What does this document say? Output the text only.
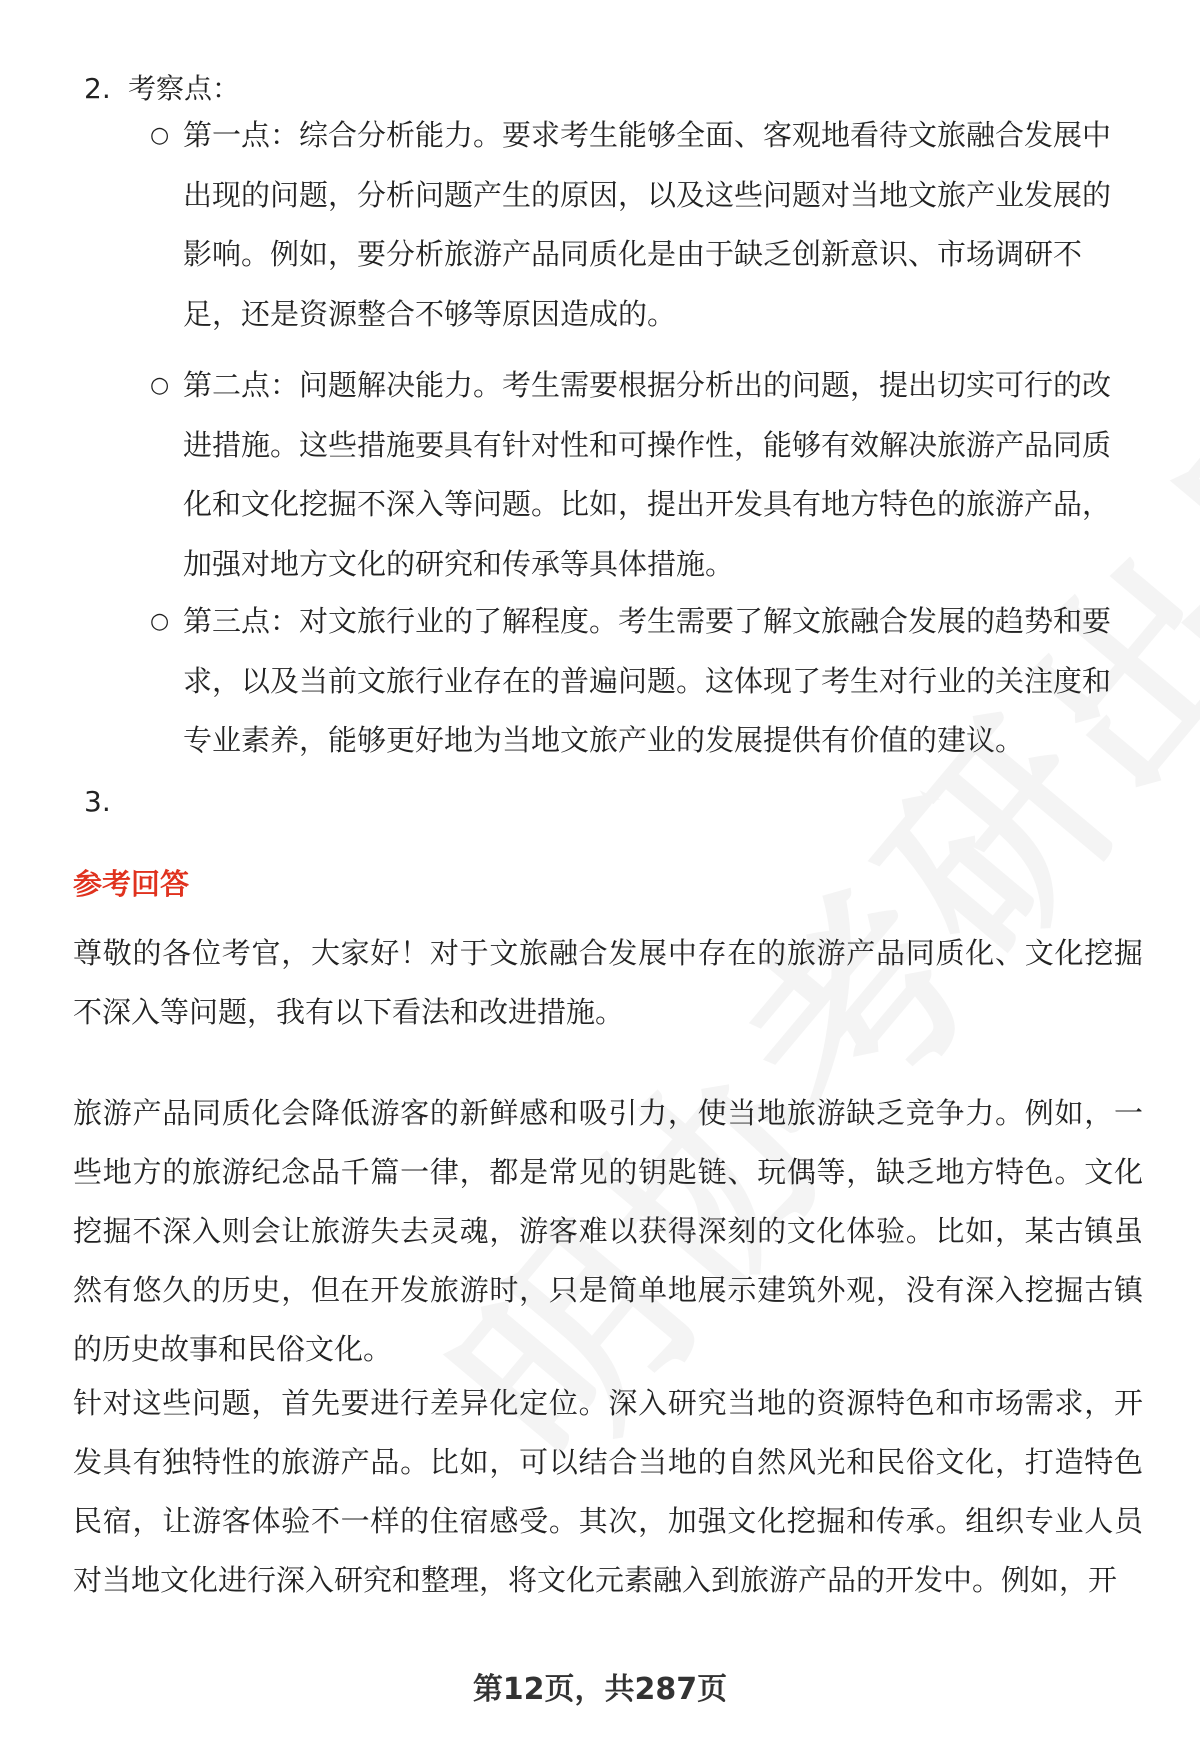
2. 考察点：
○ 第一点：综合分析能力。要求考生能够全面、客观地看待文旅融合发展中出现的问题，分析问题产生的原因，以及这些问题对当地文旅产业发展的影响。例如，要分析旅游产品同质化是由于缺乏创新意识、市场调研不足，还是资源整合不够等原因造成的。
○ 第二点：问题解决能力。考生需要根据分析出的问题，提出切实可行的改进措施。这些措施要具有针对性和可操作性，能够有效解决旅游产品同质化和文化挖掘不深入等问题。比如，提出开发具有地方特色的旅游产品，加强对地方文化的研究和传承等具体措施。
○ 第三点：对文旅行业的了解程度。考生需要了解文旅融合发展的趋势和要求，以及当前文旅行业存在的普遍问题。这体现了考生对行业的关注度和专业素养，能够更好地为当地文旅产业的发展提供有价值的建议。
3.
参考回答
尊敬的各位考官，大家好！对于文旅融合发展中存在的旅游产品同质化、文化挖掘不深入等问题，我有以下看法和改进措施。
旅游产品同质化会降低游客的新鲜感和吸引力，使当地旅游缺乏竞争力。例如，一些地方的旅游纪念品千篇一律，都是常见的钥匙链、玩偶等，缺乏地方特色。文化挖掘不深入则会让旅游失去灵魂，游客难以获得深刻的文化体验。比如，某古镇虽然有悠久的历史，但在开发旅游时，只是简单地展示建筑外观，没有深入挖掘古镇的历史故事和民俗文化。
针对这些问题，首先要进行差异化定位。深入研究当地的资源特色和市场需求，开发具有独特性的旅游产品。比如，可以结合当地的自然风光和民俗文化，打造特色民宿，让游客体验不一样的住宿感受。其次，加强文化挖掘和传承。组织专业人员对当地文化进行深入研究和整理，将文化元素融入到旅游产品的开发中。例如，开
第12页，共287页
